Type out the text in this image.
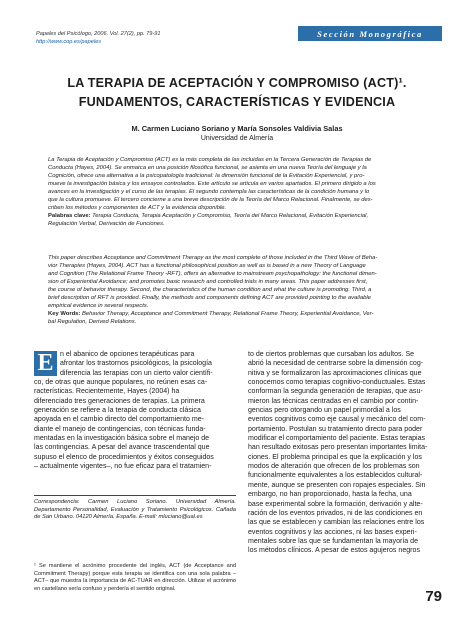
Papeles del Psicólogo, 2006. Vol. 27(2), pp. 79-91
http://www.cop.es/papeles
Sección Monográfica
LA TERAPIA DE ACEPTACIÓN Y COMPROMISO (ACT)¹.
FUNDAMENTOS, CARACTERÍSTICAS Y EVIDENCIA
M. Carmen Luciano Soriano y María Sonsoles Valdivia Salas
Universidad de Almería
La Terapia de Aceptación y Compromiso (ACT) es la más completa de las incluidas en la Tercera Generación de Terapias de
Conducta (Hayes, 2004). Se enmarca en una posición filosófica funcional, se asienta en una nueva Teoría del lenguaje y la
Cognición, ofrece una alternativa a la psicopatología tradicional: la dimensión funcional de la Evitación Experiencial, y pro-
mueve la investigación básica y los ensayos controlados. Este artículo se articula en varios apartados. El primero dirigido a los
avances en la investigación y el curso de las terapias. El segundo contempla las características de la condición humana y lo
que la cultura promueve. El tercero concierne a una breve descripción de la Teoría del Marco Relacional. Finalmente, se des-
criben los métodos y componentes de ACT y la evidencia disponible.
Palabras clave: Terapia Conducta, Terapia Aceptación y Compromiso, Teoría del Marco Relacional, Evitación Experiencial,
Regulación Verbal, Derivación de Funciones.
This paper describes Acceptance and Commitment Therapy as the most complete of those included in the Third Wave of Beha-
vior Therapies (Hayes, 2004). ACT has a functional philosophical position as well as is based in a new Theory of Language
and Cognition (The Relational Frame Theory -RFT), offers an alternative to mainstream psychopathology: the functional dimen-
sion of Experiential Avoidance; and promotes basic research and controlled trials in many areas. This paper addresses first,
the course of behavior therapy. Second, the characteristics of the human condition and what the culture is promoting. Third, a
brief description of RFT is provided. Finally, the methods and components defining ACT are provided pointing to the available
empirical evidence in several respects.
Key Words: Behavior Therapy, Acceptance and Commitment Therapy, Relational Frame Theory, Experiential Avoidance, Ver-
bal Regulation, Derived Relations.
E n el abanico de opciones terapéuticas para
afrontar los trastornos psicológicos, la psicología
diferencia las terapias con un cierto valor científi-
co, de otras que aunque populares, no reúnen esas ca-
racterísticas. Recientemente, Hayes (2004) ha
diferenciado tres generaciones de terapias. La primera
generación se refiere a la terapia de conducta clásica
apoyada en el cambio directo del comportamiento me-
diante el manejo de contingencias, con técnicas funda-
mentadas en la investigación básica sobre el manejo de
las contingencias. A pesar del avance trascendental que
supuso el elenco de procedimientos y éxitos conseguidos
– actualmente vigentes–, no fue eficaz para el tratamien-
Correspondencia: Carmen Luciano Soriano. Universidad Almería. Departamento Personalidad, Evaluación y Tratamiento Psicológicos. Cañada de San Urbano. 04120 Almería. España. E-mail: mluciano@ual.es
¹ Se mantiene el acrónimo procedente del inglés, ACT (de Acceptance and Commitment Therapy) porque esta terapia se identifica con una sola palabra –ACT– que muestra la importancia de AC-TUAR en dirección. Utilizar el acrónimo en castellano sería confuso y perdería el sentido original.
to de ciertos problemas que cursaban los adultos. Se
abrió la necesidad de centrarse sobre la dimensión cog-
nitiva y se formalizaron las aproximaciones clínicas que
conocemos como terapias cognitivo-conductuales. Estas
conforman la segunda generación de terapias, que asu-
mieron las técnicas centradas en el cambio por contin-
gencias pero otorgando un papel primordial a los
eventos cognitivos como eje causal y mecánico del com-
portamiento. Postulan su tratamiento directo para poder
modificar el comportamiento del paciente. Estas terapias
han resultado exitosas pero presentan importantes limita-
ciones. El problema principal es que la explicación y los
modos de alteración que ofrecen de los problemas son
funcionalmente equivalentes a los establecidos cultural-
mente, aunque se presenten con ropajes especiales. Sin
embargo, no han proporcionado, hasta la fecha, una
base experimental sobre la formación, derivación y alte-
ración de los eventos privados, ni de las condiciones en
las que se establecen y cambian las relaciones entre los
eventos cognitivos y las acciones, ni las bases experi-
mentales sobre las que se fundamentan la mayoría de
los métodos clínicos. A pesar de estos agujeros negros
79
